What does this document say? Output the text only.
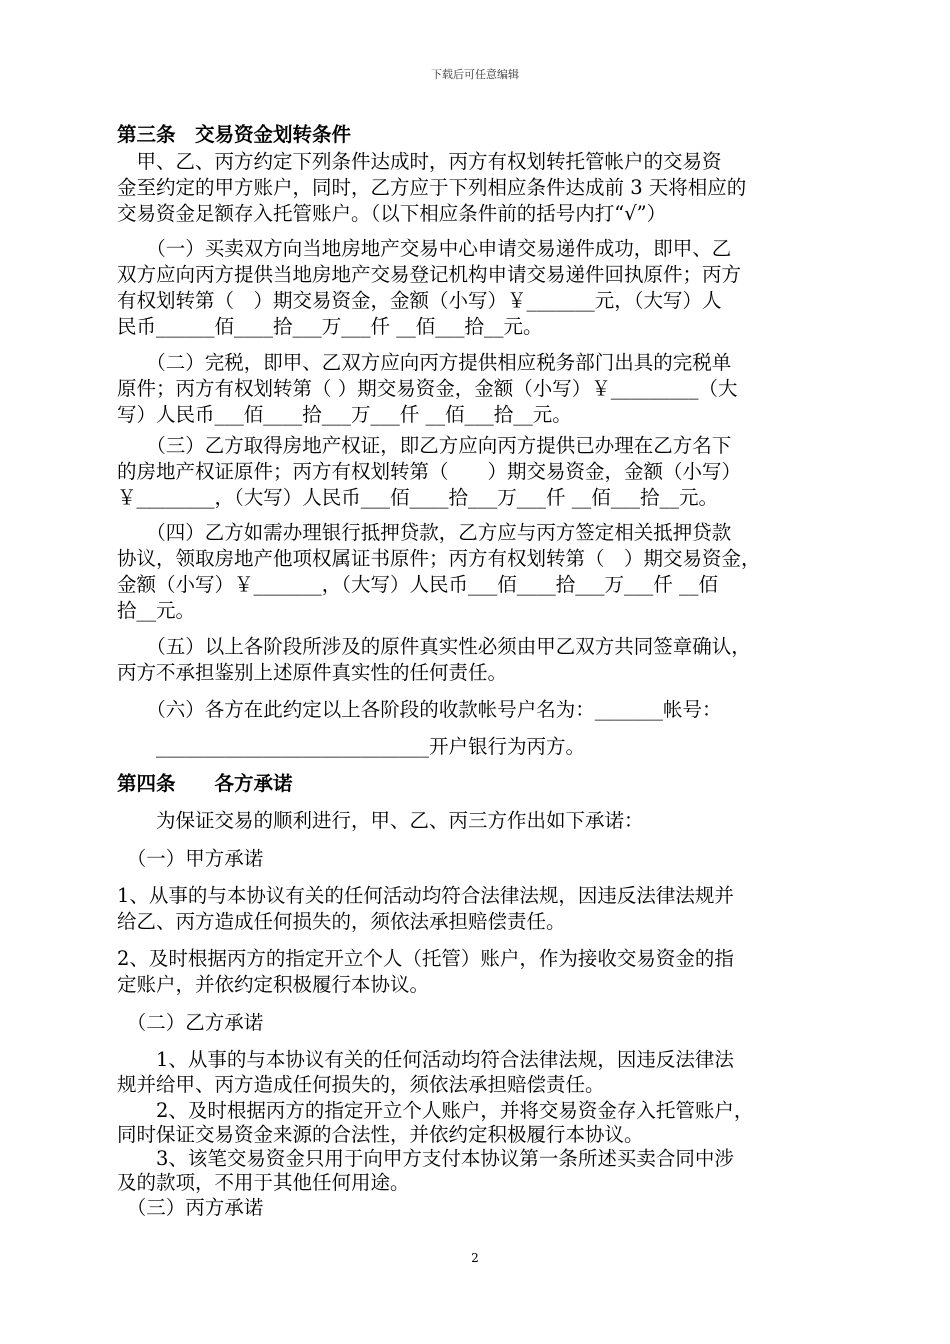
下载后可任意编辑
第三条　交易资金划转条件
　甲、乙、丙方约定下列条件达成时，丙方有权划转托管帐户的交易资
金至约定的甲方账户，同时，乙方应于下列相应条件达成前 3 天将相应的
交易资金足额存入托管账户。（以下相应条件前的括号内打“√”）
　　（一）买卖双方向当地房地产交易中心申请交易递件成功，即甲、乙
双方应向丙方提供当地房地产交易登记机构申请交易递件回执原件；丙方
有权划转第（　）期交易资金，金额（小写）￥_______元，（大写）人
民币______佰____拾___万___仟 __佰___拾__元。
　　（二）完税，即甲、乙双方应向丙方提供相应税务部门出具的完税单
原件；丙方有权划转第（ ）期交易资金，金额（小写）￥_________（大
写）人民币___佰____拾___万___仟 __佰___拾__元。
　　（三）乙方取得房地产权证，即乙方应向丙方提供已办理在乙方名下
的房地产权证原件；丙方有权划转第（　　）期交易资金，金额（小写）
￥________，（大写）人民币___佰____拾___万___仟 __佰___拾__元。
　　（四）乙方如需办理银行抵押贷款，乙方应与丙方签定相关抵押贷款
协议，领取房地产他项权属证书原件；丙方有权划转第（　）期交易资金，
金额（小写）￥_______，（大写）人民币___佰____拾___万___仟 __佰
拾__元。
　　（五）以上各阶段所涉及的原件真实性必须由甲乙双方共同签章确认，
丙方不承担鉴别上述原件真实性的任何责任。
　　（六）各方在此约定以上各阶段的收款帐号户名为：_______帐号：
　　____________________________开户银行为丙方。
第四条　　各方承诺
　　为保证交易的顺利进行，甲、乙、丙三方作出如下承诺：
　（一）甲方承诺
1、从事的与本协议有关的任何活动均符合法律法规，因违反法律法规并
给乙、丙方造成任何损失的，须依法承担赔偿责任。
2、及时根据丙方的指定开立个人（托管）账户，作为接收交易资金的指
定账户，并依约定积极履行本协议。
　（二）乙方承诺
　　1、从事的与本协议有关的任何活动均符合法律法规，因违反法律法
规并给甲、丙方造成任何损失的，须依法承担赔偿责任。
　　2、及时根据丙方的指定开立个人账户，并将交易资金存入托管账户，
同时保证交易资金来源的合法性，并依约定积极履行本协议。
　　3、该笔交易资金只用于向甲方支付本协议第一条所述买卖合同中涉
及的款项，不用于其他任何用途。
　（三）丙方承诺
2
